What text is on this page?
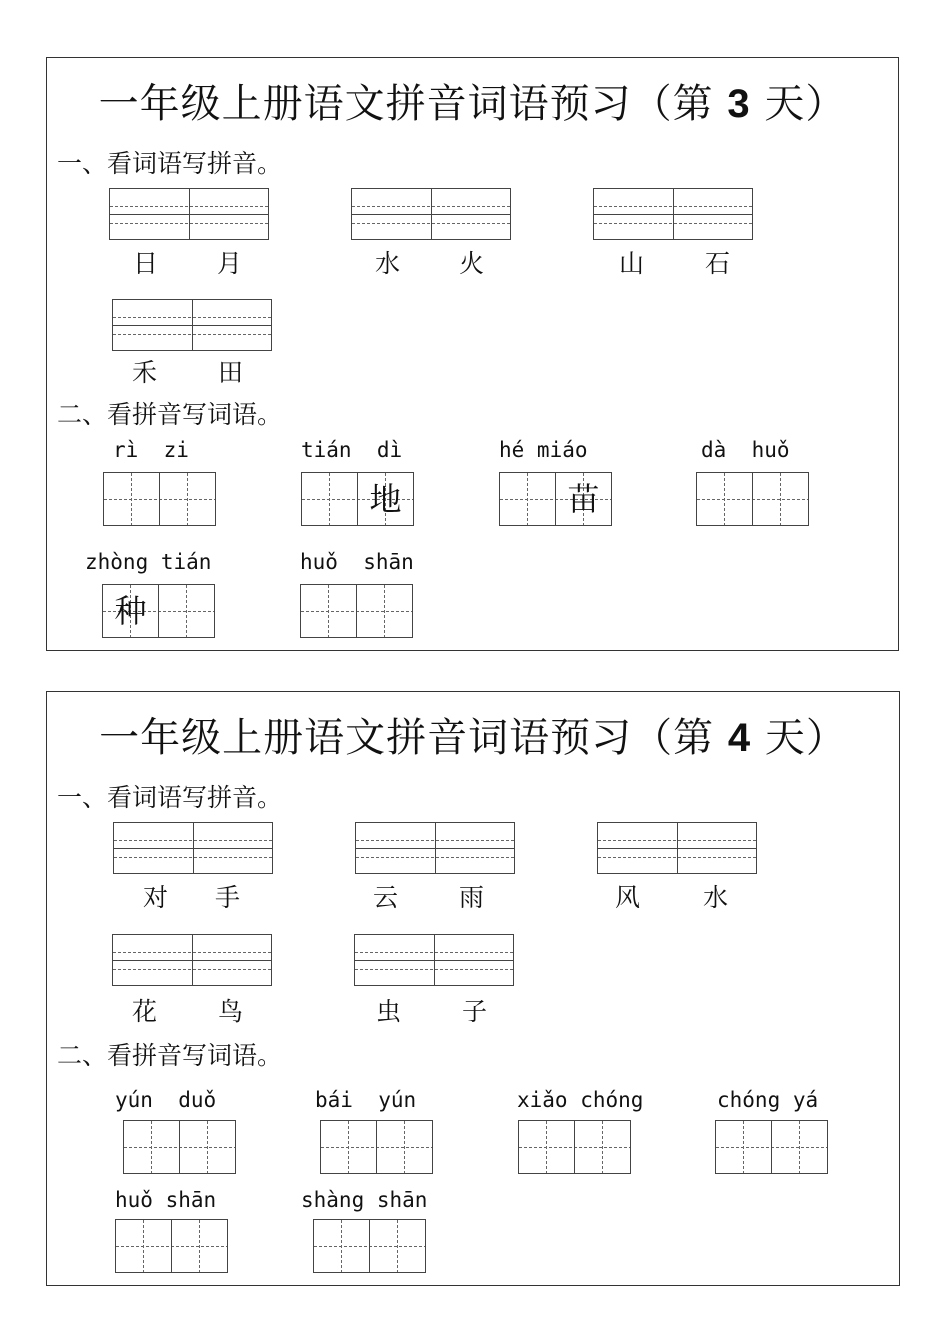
一年级上册语文拼音词语预习（第 3 天）
一、看词语写拼音。
日 月	水 火	山 石
禾 田
二、看拼音写词语。
rì  zi	tián  dì
地
hé miáo
苗
dà  huǒ
zhòng tián
种
huǒ  shān
一年级上册语文拼音词语预习（第 4 天）
一、看词语写拼音。
对 手	云 雨	风	水
花 鸟	虫 子
二、看拼音写词语。
yún  duǒ	bái  yún	xiǎo chóng	chóng yá
huǒ shān	shàng shān
